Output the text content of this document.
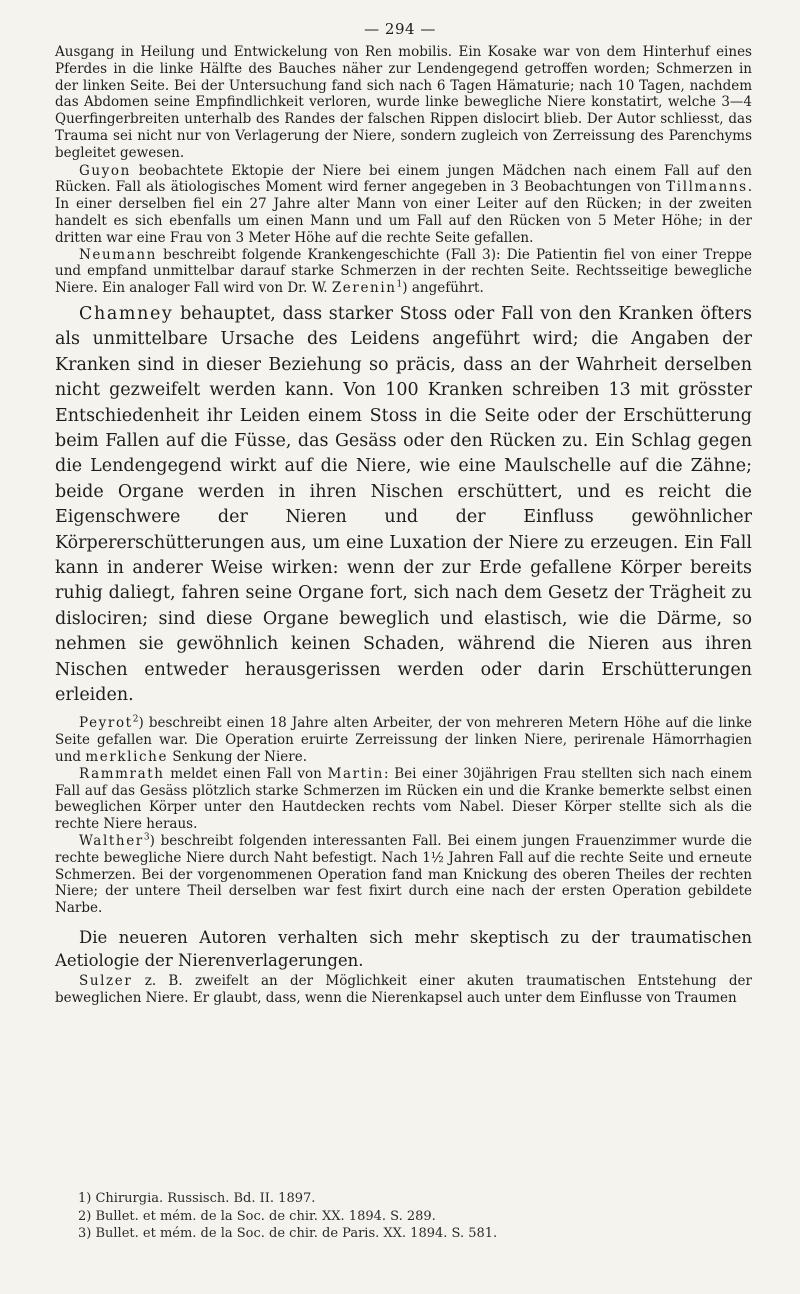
— 294 —

Ausgang in Heilung und Entwickelung von Ren mobilis. Ein Kosake war von dem Hinterhuf eines Pferdes in die linke Hälfte des Bauches näher zur Lendengegend getroffen worden; Schmerzen in der linken Seite. Bei der Untersuchung fand sich nach 6 Tagen Hämaturie; nach 10 Tagen, nachdem das Abdomen seine Empfindlichkeit verloren, wurde linke bewegliche Niere konstatirt, welche 3—4 Querfingerbreiten unterhalb des Randes der falschen Rippen dislocirt blieb. Der Autor schliesst, das Trauma sei nicht nur von Verlagerung der Niere, sondern zugleich von Zerreissung des Parenchyms begleitet gewesen.

Guyon beobachtete Ektopie der Niere bei einem jungen Mädchen nach einem Fall auf den Rücken. Fall als ätiologisches Moment wird ferner angegeben in 3 Beobachtungen von Tillmanns. In einer derselben fiel ein 27 Jahre alter Mann von einer Leiter auf den Rücken; in der zweiten handelt es sich ebenfalls um einen Mann und um Fall auf den Rücken von 5 Meter Höhe; in der dritten war eine Frau von 3 Meter Höhe auf die rechte Seite gefallen.

Neumann beschreibt folgende Krankengeschichte (Fall 3): Die Patientin fiel von einer Treppe und empfand unmittelbar darauf starke Schmerzen in der rechten Seite. Rechtsseitige bewegliche Niere. Ein analoger Fall wird von Dr. W. Zerenin$^1$) angeführt.

Chamney behauptet, dass starker Stoss oder Fall von den Kranken öfters als unmittelbare Ursache des Leidens angeführt wird; die Angaben der Kranken sind in dieser Beziehung so präcis, dass an der Wahrheit derselben nicht gezweifelt werden kann. Von 100 Kranken schreiben 13 mit grösster Entschiedenheit ihr Leiden einem Stoss in die Seite oder der Erschütterung beim Fallen auf die Füsse, das Gesäss oder den Rücken zu. Ein Schlag gegen die Lendengegend wirkt auf die Niere, wie eine Maulschelle auf die Zähne; beide Organe werden in ihren Nischen erschüttert, und es reicht die Eigenschwere der Nieren und der Einfluss gewöhnlicher Körpererschütterungen aus, um eine Luxation der Niere zu erzeugen. Ein Fall kann in anderer Weise wirken: wenn der zur Erde gefallene Körper bereits ruhig daliegt, fahren seine Organe fort, sich nach dem Gesetz der Trägheit zu dislociren; sind diese Organe beweglich und elastisch, wie die Därme, so nehmen sie gewöhnlich keinen Schaden, während die Nieren aus ihren Nischen entweder herausgerissen werden oder darin Erschütterungen erleiden.

Peyrot$^2$) beschreibt einen 18 Jahre alten Arbeiter, der von mehreren Metern Höhe auf die linke Seite gefallen war. Die Operation eruirte Zerreissung der linken Niere, perirenale Hämorrhagien und merkliche Senkung der Niere.

Rammrath meldet einen Fall von Martin: Bei einer 30jährigen Frau stellten sich nach einem Fall auf das Gesäss plötzlich starke Schmerzen im Rücken ein und die Kranke bemerkte selbst einen beweglichen Körper unter den Hautdecken rechts vom Nabel. Dieser Körper stellte sich als die rechte Niere heraus.

Walther$^3$) beschreibt folgenden interessanten Fall. Bei einem jungen Frauenzimmer wurde die rechte bewegliche Niere durch Naht befestigt. Nach 1½ Jahren Fall auf die rechte Seite und erneute Schmerzen. Bei der vorgenommenen Operation fand man Knickung des oberen Theiles der rechten Niere; der untere Theil derselben war fest fixirt durch eine nach der ersten Operation gebildete Narbe.

Die neueren Autoren verhalten sich mehr skeptisch zu der traumatischen Aetiologie der Nierenverlagerungen.

Sulzer z. B. zweifelt an der Möglichkeit einer akuten traumatischen Entstehung der beweglichen Niere. Er glaubt, dass, wenn die Nierenkapsel auch unter dem Einflusse von Traumen

1) Chirurgia. Russisch. Bd. II. 1897.

2) Bullet. et mém. de la Soc. de chir. XX. 1894. S. 289.

3) Bullet. et mém. de la Soc. de chir. de Paris. XX. 1894. S. 581.
